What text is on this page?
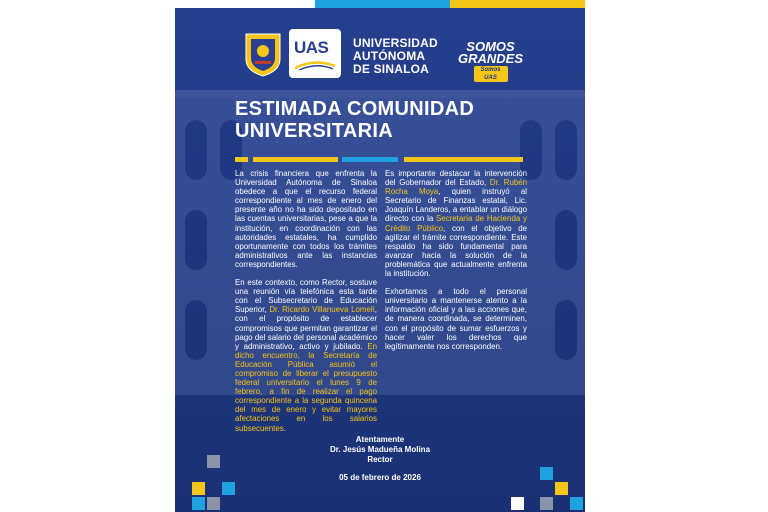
UAS UNIVERSIDAD
AUTÓNOMA
DE SINALOA
SOMOS
GRANDES
Somos UAS
ESTIMADA COMUNIDAD
UNIVERSITARIA

La crisis financiera que enfrenta la Universidad Autónoma de Sinaloa obedece a que el recurso federal correspondiente al mes de enero del presente año no ha sido depositado en las cuentas universitarias, pese a que la institución, en coordinación con las autoridades estatales, ha cumplido oportunamente con todos los trámites administrativos ante las instancias correspondientes.

En este contexto, como Rector, sostuve una reunión vía telefónica esta tarde con el Subsecretario de Educación Superior, Dr. Ricardo Villanueva Lomelí, con el propósito de establecer compromisos que permitan garantizar el pago del salario del personal académico y administrativo, activo y jubilado. En dicho encuentro, la Secretaría de Educación Pública asumió el compromiso de liberar el presupuesto federal universitario el lunes 9 de febrero, a fin de realizar el pago correspondiente a la segunda quincena del mes de enero y evitar mayores afectaciones en los salarios subsecuentes.

Es importante destacar la intervención del Gobernador del Estado, Dr. Rubén Rocha Moya, quien instruyó al Secretario de Finanzas estatal, Lic. Joaquín Landeros, a entablar un diálogo directo con la Secretaría de Hacienda y Crédito Público, con el objetivo de agilizar el trámite correspondiente. Este respaldo ha sido fundamental para avanzar hacia la solución de la problemática que actualmente enfrenta la institución.

Exhortamos a todo el personal universitario a mantenerse atento a la información oficial y a las acciones que, de manera coordinada, se determinen, con el propósito de sumar esfuerzos y hacer valer los derechos que legítimamente nos corresponden.

Atentamente
Dr. Jesús Madueña Molina
Rector
05 de febrero de 2026
